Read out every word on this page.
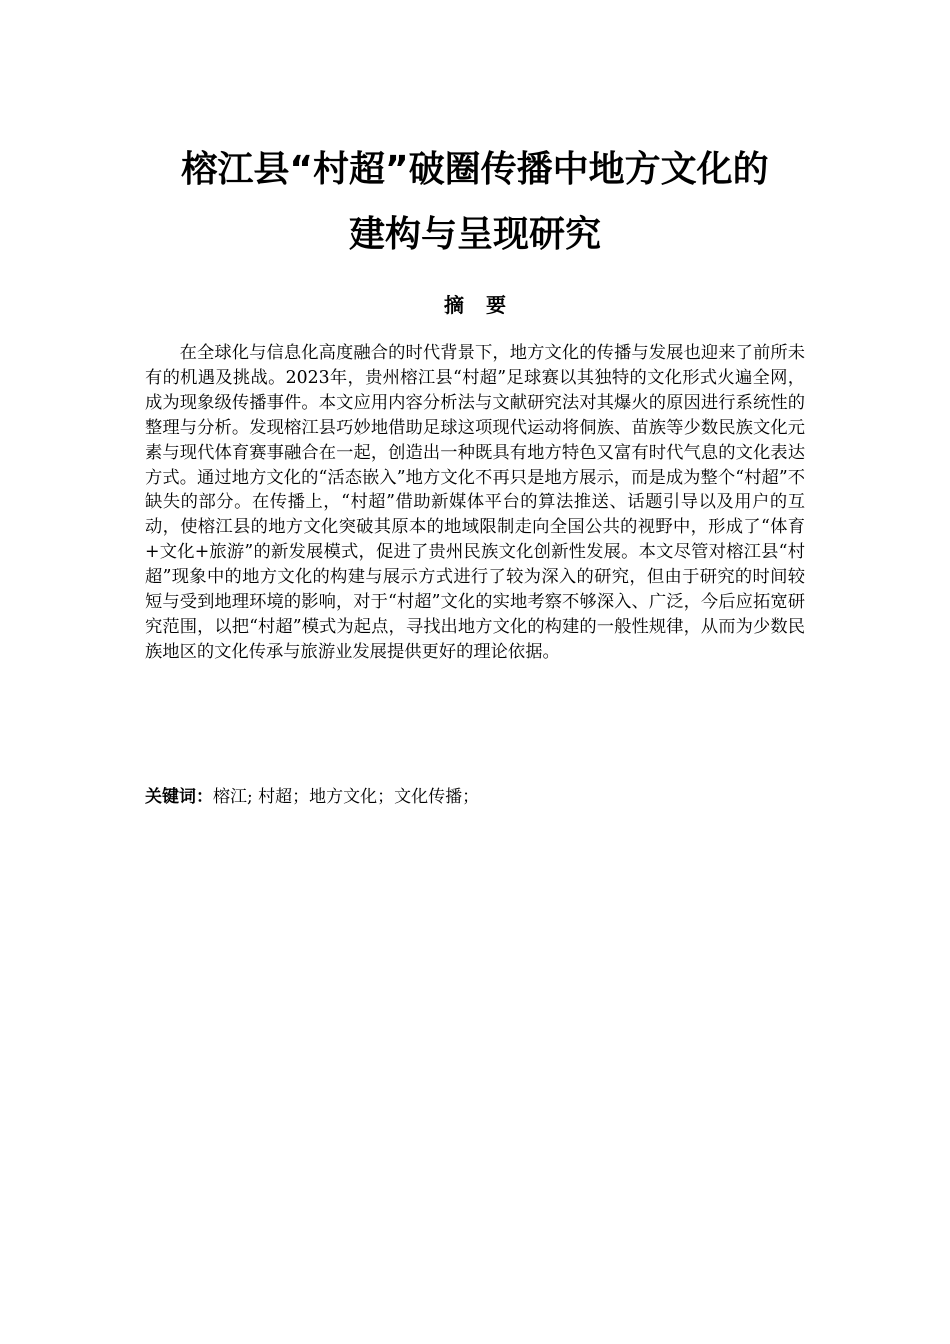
榕江县“村超”破圈传播中地方文化的
建构与呈现研究
摘要
在全球化与信息化高度融合的时代背景下，地方文化的传播与发展也迎来了前所未有的机遇及挑战。2023年，贵州榕江县“村超”足球赛以其独特的文化形式火遍全网，成为现象级传播事件。本文应用内容分析法与文献研究法对其爆火的原因进行系统性的整理与分析。发现榕江县巧妙地借助足球这项现代运动将侗族、苗族等少数民族文化元素与现代体育赛事融合在一起，创造出一种既具有地方特色又富有时代气息的文化表达方式。通过地方文化的“活态嵌入”地方文化不再只是地方展示，而是成为整个“村超”不缺失的部分。在传播上，“村超”借助新媒体平台的算法推送、话题引导以及用户的互动，使榕江县的地方文化突破其原本的地域限制走向全国公共的视野中，形成了“体育+文化+旅游”的新发展模式，促进了贵州民族文化创新性发展。本文尽管对榕江县“村超”现象中的地方文化的构建与展示方式进行了较为深入的研究，但由于研究的时间较短与受到地理环境的影响，对于“村超”文化的实地考察不够深入、广泛，今后应拓宽研究范围，以把“村超”模式为起点，寻找出地方文化的构建的一般性规律，从而为少数民族地区的文化传承与旅游业发展提供更好的理论依据。
关键词：榕江; 村超；地方文化；文化传播；
